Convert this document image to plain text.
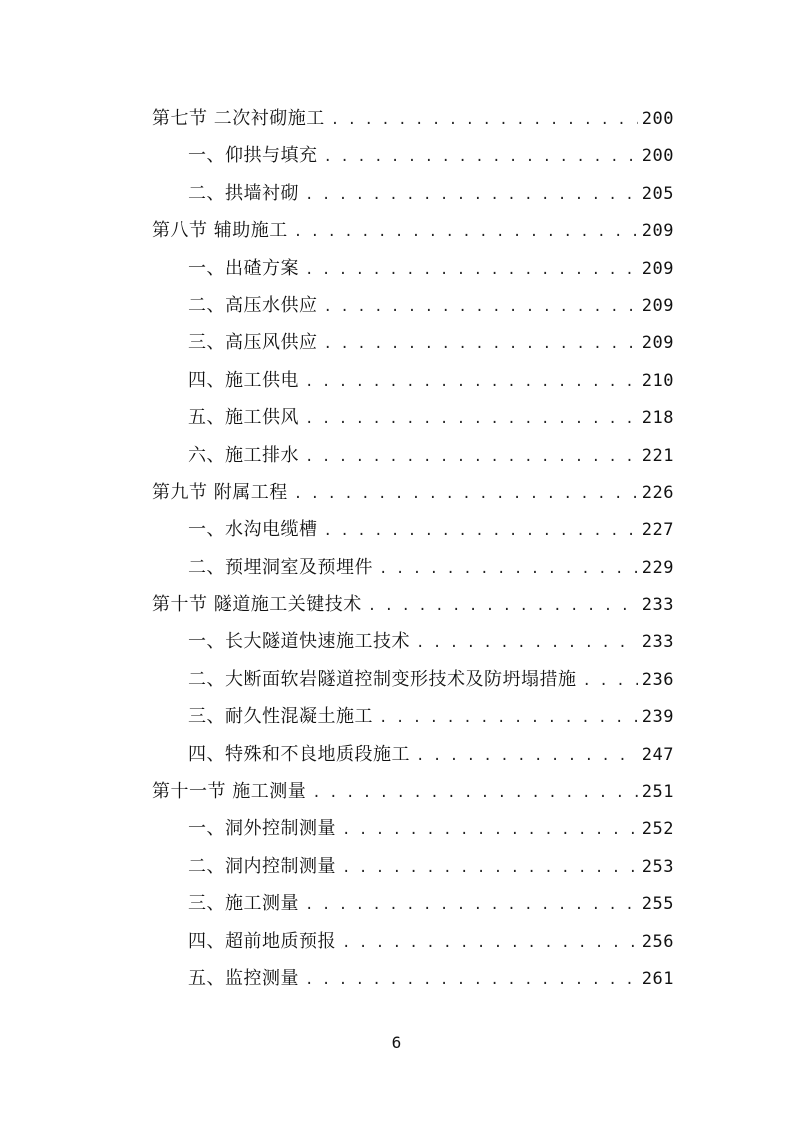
第七节 二次衬砌施工 . . .	200
一、仰拱与填充 . . .	200
二、拱墙衬砌 . . .	205
第八节 辅助施工 . . .	209
一、出碴方案 . . .	209
二、高压水供应 . . .	209
三、高压风供应 . . .	209
四、施工供电 . . .	210
五、施工供风 . . .	218
六、施工排水 . . .	221
第九节 附属工程 . . .	226
一、水沟电缆槽 . . .	227
二、预埋洞室及预埋件 . . .	229
第十节 隧道施工关键技术 . . .	233
一、长大隧道快速施工技术 . . .	233
二、大断面软岩隧道控制变形技术及防坍塌措施 . . .	236
三、耐久性混凝土施工 . . .	239
四、特殊和不良地质段施工 . . .	247
第十一节 施工测量 . . .	251
一、洞外控制测量 . . .	252
二、洞内控制测量 . . .	253
三、施工测量 . . .	255
四、超前地质预报 . . .	256
五、监控测量 . . .	261
6
